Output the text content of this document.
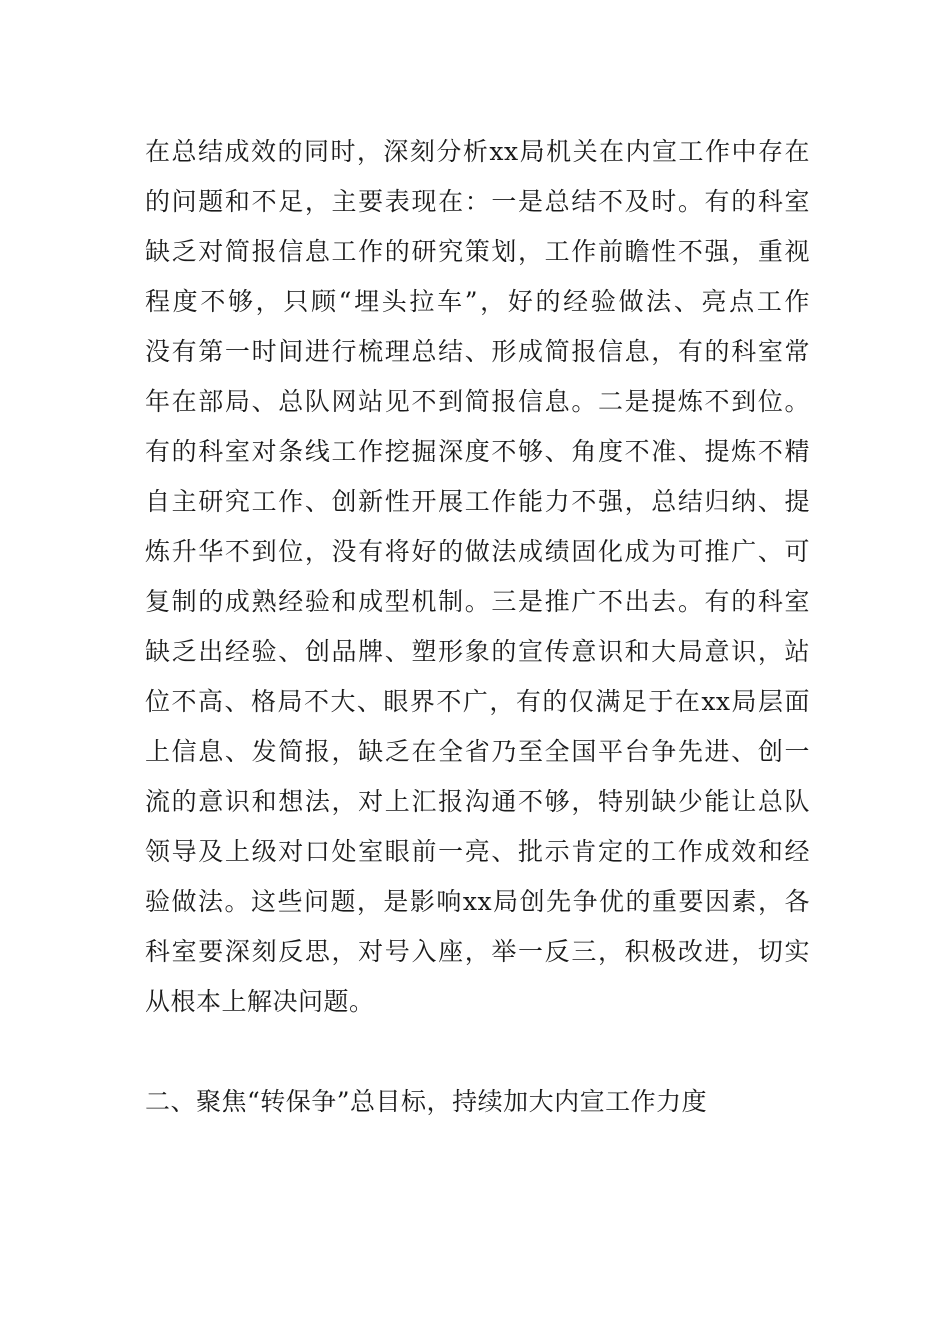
在总结成效的同时，深刻分析xx局机关在内宣工作中存在
的问题和不足，主要表现在：一是总结不及时。有的科室
缺乏对简报信息工作的研究策划，工作前瞻性不强，重视
程度不够，只顾“埋头拉车”，好的经验做法、亮点工作
没有第一时间进行梳理总结、形成简报信息，有的科室常
年在部局、总队网站见不到简报信息。二是提炼不到位。
有的科室对条线工作挖掘深度不够、角度不准、提炼不精
自主研究工作、创新性开展工作能力不强，总结归纳、提
炼升华不到位，没有将好的做法成绩固化成为可推广、可
复制的成熟经验和成型机制。三是推广不出去。有的科室
缺乏出经验、创品牌、塑形象的宣传意识和大局意识，站
位不高、格局不大、眼界不广，有的仅满足于在xx局层面
上信息、发简报，缺乏在全省乃至全国平台争先进、创一
流的意识和想法，对上汇报沟通不够，特别缺少能让总队
领导及上级对口处室眼前一亮、批示肯定的工作成效和经
验做法。这些问题，是影响xx局创先争优的重要因素，各
科室要深刻反思，对号入座，举一反三，积极改进，切实
从根本上解决问题。
二、聚焦“转保争”总目标，持续加大内宣工作力度
